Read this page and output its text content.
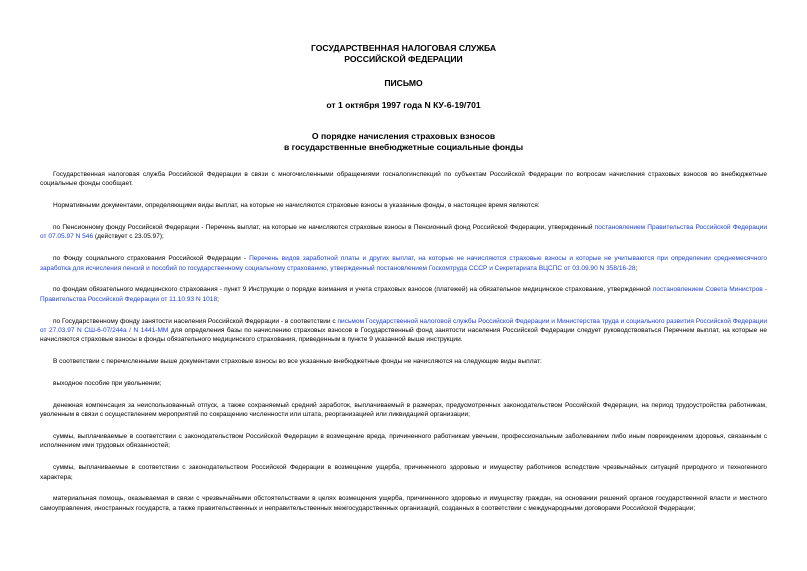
ГОСУДАРСТВЕННАЯ НАЛОГОВАЯ СЛУЖБА
РОССИЙСКОЙ ФЕДЕРАЦИИ
ПИСЬМО
от 1 октября 1997 года N КУ-6-19/701
О порядке начисления страховых взносов
в государственные внебюджетные социальные фонды

Государственная налоговая служба Российской Федерации в связи с многочисленными обращениями госналогинспекций по субъектам Российской Федерации по вопросам начисления страховых взносов во внебюджетные социальные фонды сообщает.

Нормативными документами, определяющими виды выплат, на которые не начисляются страховые взносы в указанные фонды, в настоящее время являются:

по Пенсионному фонду Российской Федерации - Перечень выплат, на которые не начисляются страховые взносы в Пенсионный фонд Российской Федерации, утвержденный постановлением Правительства Российской Федерации от 07.05.97 N 546 (действует с 23.05.97);

по Фонду социального страхования Российской Федерации - Перечень видов заработной платы и других выплат, на которые не начисляются страховые взносы и которые не учитываются при определении среднемесячного заработка для исчисления пенсий и пособий по государственному социальному страхованию, утвержденный постановлением Госкомтруда СССР и Секретариата ВЦСПС от 03.09.90 N 358/16-28;

по фондам обязательного медицинского страхования - пункт 9 Инструкции о порядке взимания и учета страховых взносов (платежей) на обязательное медицинское страхование, утвержденной постановлением Совета Министров - Правительства Российской Федерации от 11.10.93 N 1018;

по Государственному фонду занятости населения Российской Федерации - в соответствии с письмом Государственной налоговой службы Российской Федерации и Министерства труда и социального развития Российской Федерации от 27.03.97 N СШ-6-07/244а / N 1441-ММ для определения базы по начислению страховых взносов в Государственный фонд занятости населения Российской Федерации следует руководствоваться Перечнем выплат, на которые не начисляются страховые взносы в фонды обязательного медицинского страхования, приведенным в пункте 9 указанной выше инструкции.

В соответствии с перечисленными выше документами страховые взносы во все указанные внебюджетные фонды не начисляются на следующие виды выплат:

выходное пособие при увольнении;

денежная компенсация за неиспользованный отпуск, а также сохраняемый средний заработок, выплачиваемый в размерах, предусмотренных законодательством Российской Федерации, на период трудоустройства работникам, уволенным в связи с осуществлением мероприятий по сокращению численности или штата, реорганизацией или ликвидацией организации;

суммы, выплачиваемые в соответствии с законодательством Российской Федерации в возмещение вреда, причиненного работникам увечьем, профессиональным заболеванием либо иным повреждением здоровья, связанным с исполнением ими трудовых обязанностей;

суммы, выплачиваемые в соответствии с законодательством Российской Федерации в возмещение ущерба, причиненного здоровью и имуществу работников вследствие чрезвычайных ситуаций природного и техногенного характера;

материальная помощь, оказываемая в связи с чрезвычайными обстоятельствами в целях возмещения ущерба, причиненного здоровью и имуществу граждан, на основании решений органов государственной власти и местного самоуправления, иностранных государств, а также правительственных и неправительственных межгосударственных организаций, созданных в соответствии с международными договорами Российской Федерации;
